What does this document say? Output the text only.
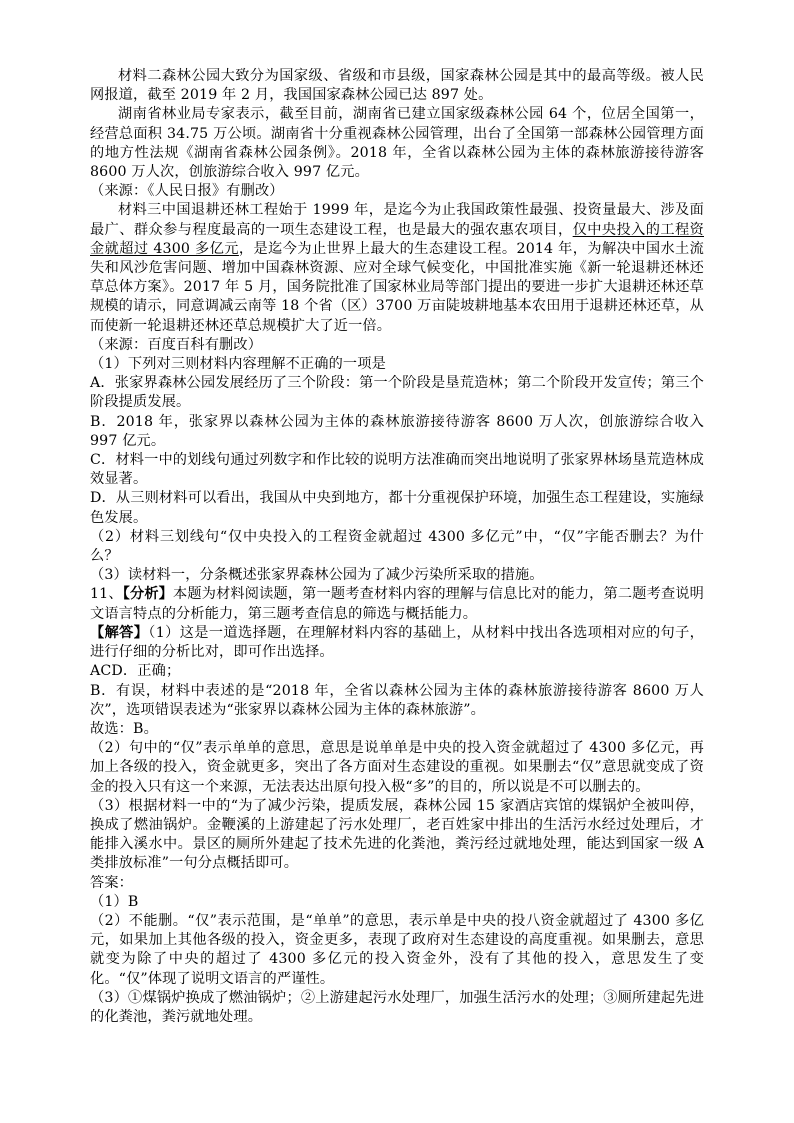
材料二森林公园大致分为国家级、省级和市县级，国家森林公园是其中的最高等级。被人民网报道，截至 2019 年 2 月，我国国家森林公园已达 897 处。

湖南省林业局专家表示，截至目前，湖南省已建立国家级森林公园 64 个，位居全国第一，经营总面积 34.75 万公顷。湖南省十分重视森林公园管理，出台了全国第一部森林公园管理方面的地方性法规《湖南省森林公园条例》。2018 年，全省以森林公园为主体的森林旅游接待游客 8600 万人次，创旅游综合收入 997 亿元。

（来源：《人民日报》有删改）

材料三中国退耕还林工程始于 1999 年，是迄今为止我国政策性最强、投资量最大、涉及面最广、群众参与程度最高的一项生态建设工程，也是最大的强农惠农项目，仅中央投入的工程资金就超过 4300 多亿元，是迄今为止世界上最大的生态建设工程。2014 年，为解决中国水土流失和风沙危害问题、增加中国森林资源、应对全球气候变化，中国批准实施《新一轮退耕还林还草总体方案》。2017 年 5 月，国务院批准了国家林业局等部门提出的要进一步扩大退耕还林还草规模的请示，同意调减云南等 18 个省（区）3700 万亩陡坡耕地基本农田用于退耕还林还草，从而使新一轮退耕还林还草总规模扩大了近一倍。

（来源：百度百科有删改）

（1）下列对三则材料内容理解不正确的一项是

A．张家界森林公园发展经历了三个阶段：第一个阶段是垦荒造林；第二个阶段开发宣传；第三个阶段提质发展。

B．2018 年，张家界以森林公园为主体的森林旅游接待游客 8600 万人次，创旅游综合收入 997 亿元。

C．材料一中的划线句通过列数字和作比较的说明方法准确而突出地说明了张家界林场垦荒造林成效显著。

D．从三则材料可以看出，我国从中央到地方，都十分重视保护环境，加强生态工程建设，实施绿色发展。

（2）材料三划线句“仅中央投入的工程资金就超过 4300 多亿元”中，“仅”字能否删去？为什么？

（3）读材料一，分条概述张家界森林公园为了减少污染所采取的措施。

11、【分析】本题为材料阅读题，第一题考查材料内容的理解与信息比对的能力，第二题考查说明文语言特点的分析能力，第三题考查信息的筛选与概括能力。

【解答】（1）这是一道选择题，在理解材料内容的基础上，从材料中找出各选项相对应的句子，进行仔细的分析比对，即可作出选择。

ACD．正确；

B．有误，材料中表述的是“2018 年，全省以森林公园为主体的森林旅游接待游客 8600 万人次”，选项错误表述为“张家界以森林公园为主体的森林旅游”。

故选：B。

（2）句中的“仅”表示单单的意思，意思是说单单是中央的投入资金就超过了 4300 多亿元，再加上各级的投入，资金就更多，突出了各方面对生态建设的重视。如果删去“仅”意思就变成了资金的投入只有这一个来源，无法表达出原句投入极“多”的目的，所以说是不可以删去的。

（3）根据材料一中的“为了减少污染，提质发展，森林公园 15 家酒店宾馆的煤锅炉全被叫停，换成了燃油锅炉。金鞭溪的上游建起了污水处理厂，老百姓家中排出的生活污水经过处理后，才能排入溪水中。景区的厕所外建起了技术先进的化粪池，粪污经过就地处理，能达到国家一级 A 类排放标准”一句分点概括即可。

答案：

（1）B

（2）不能删。“仅”表示范围，是“单单”的意思，表示单是中央的投八资金就超过了 4300 多亿元，如果加上其他各级的投入，资金更多，表现了政府对生态建设的高度重视。如果删去，意思就变为除了中央的超过了 4300 多亿元的投入资金外，没有了其他的投入，意思发生了变化。“仅”体现了说明文语言的严谨性。

（3）①煤锅炉换成了燃油锅炉；②上游建起污水处理厂，加强生活污水的处理；③厕所建起先进的化粪池，粪污就地处理。
